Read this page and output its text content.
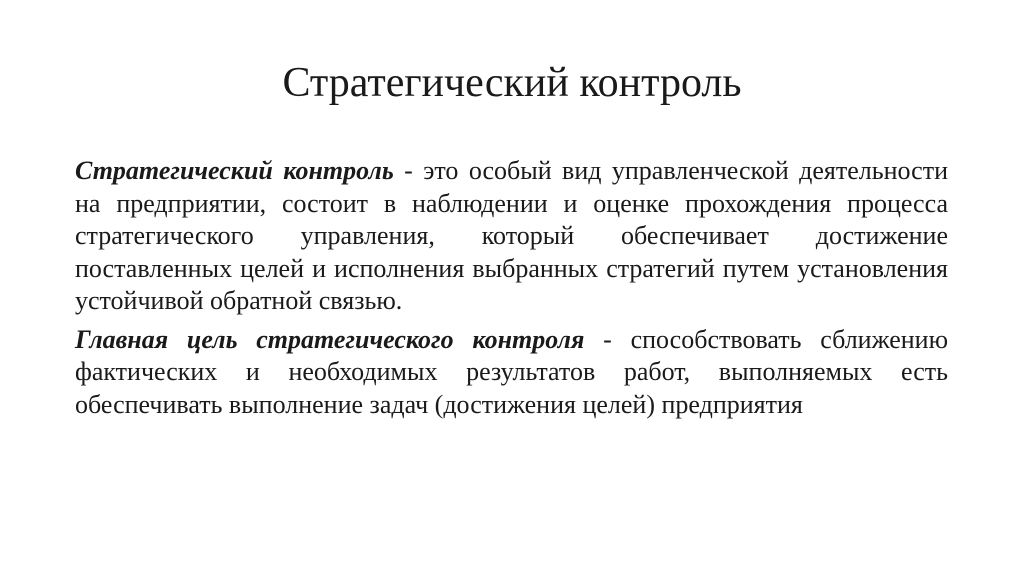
Стратегический контроль

Стратегический контроль - это особый вид управленческой деятельности на предприятии, состоит в наблюдении и оценке прохождения процесса стратегического управления, который обеспечивает достижение поставленных целей и исполнения выбранных стратегий путем установления устойчивой обратной связью.

Главная цель стратегического контроля - способствовать сближению фактических и необходимых результатов работ, выполняемых есть обеспечивать выполнение задач (достижения целей) предприятия
